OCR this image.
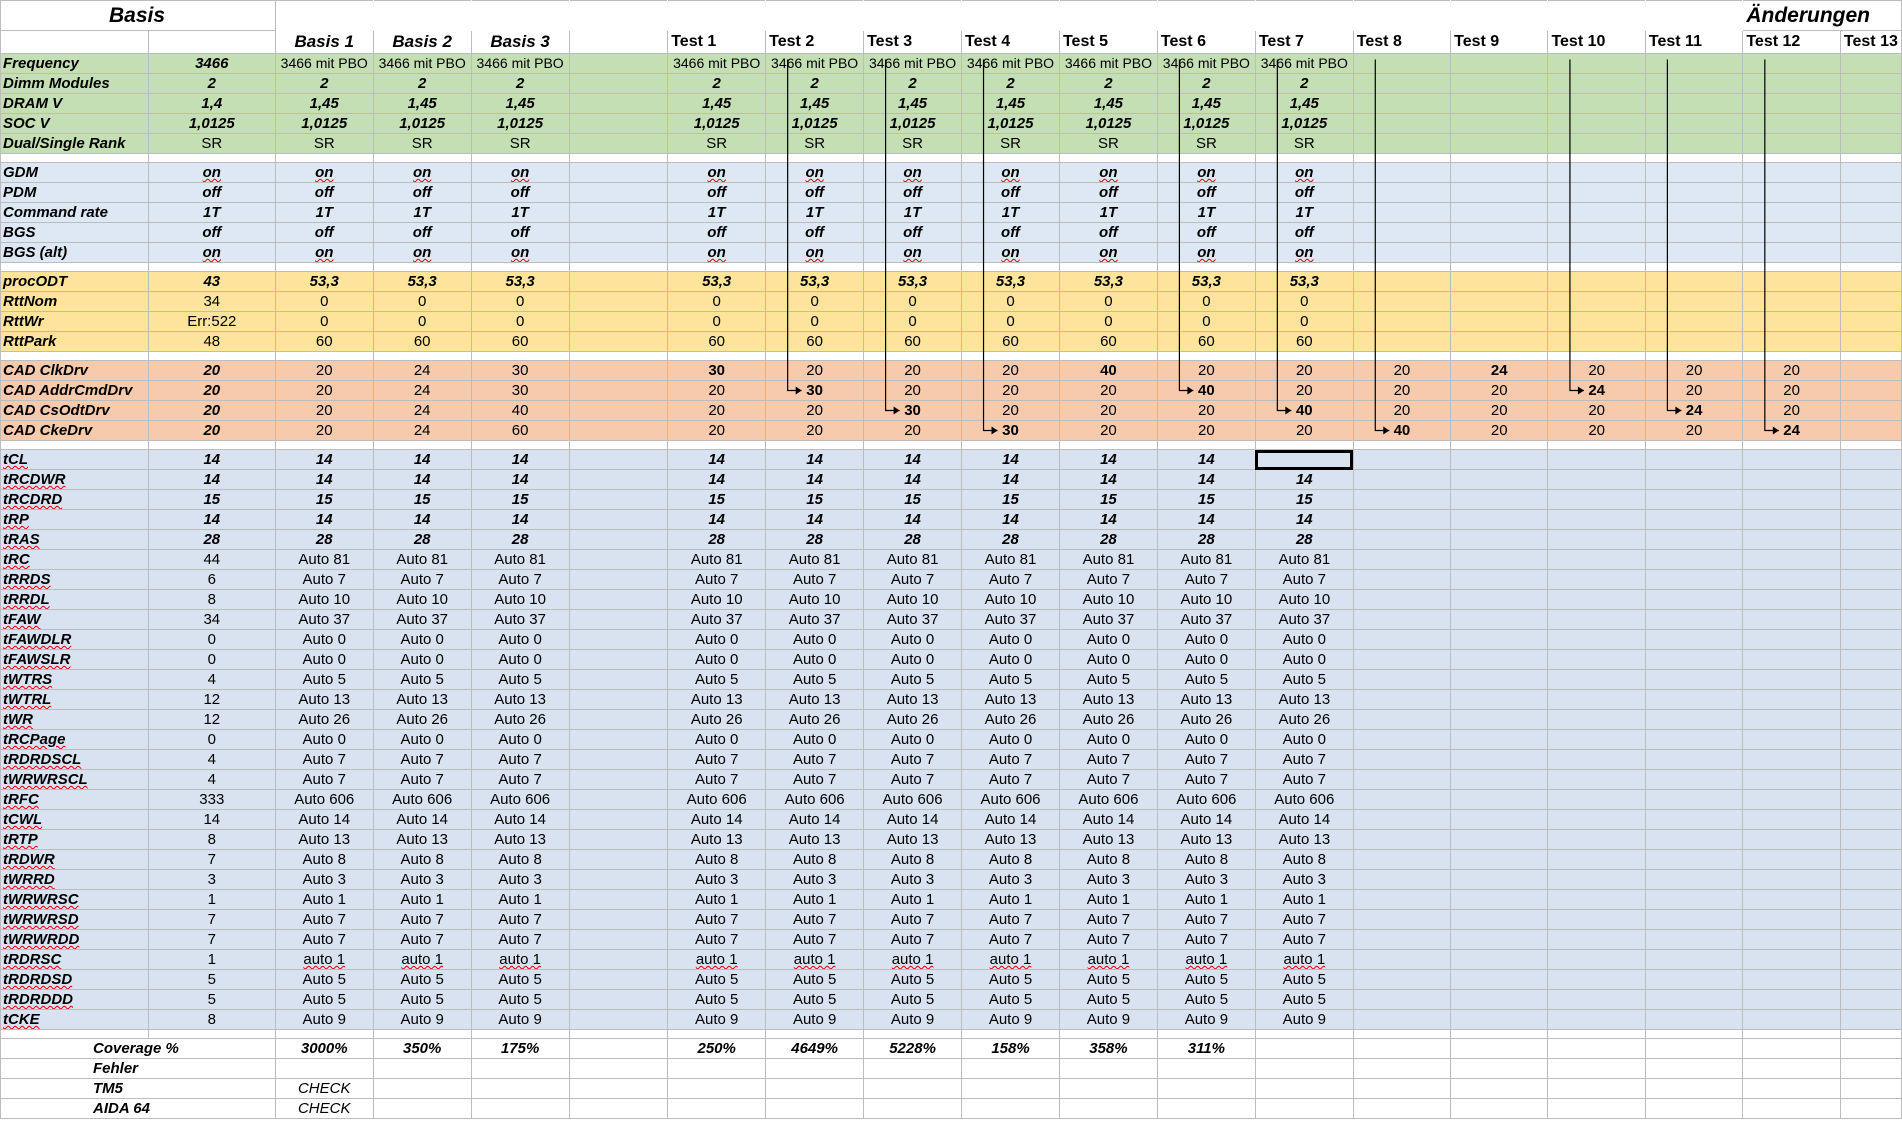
Basis																	Änderungen	
		Basis 1	Basis 2	Basis 3		Test 1	Test 2	Test 3	Test 4	Test 5	Test 6	Test 7	Test 8	Test 9	Test 10	Test 11	Test 12	Test 13
Frequency	3466	3466 mit PBO	3466 mit PBO	3466 mit PBO		3466 mit PBO	3466 mit PBO	3466 mit PBO	3466 mit PBO	3466 mit PBO	3466 mit PBO	3466 mit PBO						
Dimm Modules	2	2	2	2		2	2	2	2	2	2	2						
DRAM V	1,4	1,45	1,45	1,45		1,45	1,45	1,45	1,45	1,45	1,45	1,45						
SOC V	1,0125	1,0125	1,0125	1,0125		1,0125	1,0125	1,0125	1,0125	1,0125	1,0125	1,0125						
Dual/Single Rank	SR	SR	SR	SR		SR	SR	SR	SR	SR	SR	SR						

GDM	on	on	on	on		on	on	on	on	on	on	on						
PDM	off	off	off	off		off	off	off	off	off	off	off						
Command rate	1T	1T	1T	1T		1T	1T	1T	1T	1T	1T	1T						
BGS	off	off	off	off		off	off	off	off	off	off	off						
BGS (alt)	on	on	on	on		on	on	on	on	on	on	on						

procODT	43	53,3	53,3	53,3		53,3	53,3	53,3	53,3	53,3	53,3	53,3						
RttNom	34	0	0	0		0	0	0	0	0	0	0						
RttWr	Err:522	0	0	0		0	0	0	0	0	0	0						
RttPark	48	60	60	60		60	60	60	60	60	60	60						

CAD ClkDrv	20	20	24	30		30	20	20	20	40	20	20	20	24	20	20	20	
CAD AddrCmdDrv	20	20	24	30		20	30	20	20	20	40	20	20	20	24	20	20	
CAD CsOdtDrv	20	20	24	40		20	20	30	20	20	20	40	20	20	20	24	20	
CAD CkeDrv	20	20	24	60		20	20	20	30	20	20	20	40	20	20	20	24	

tCL	14	14	14	14		14	14	14	14	14	14							
tRCDWR	14	14	14	14		14	14	14	14	14	14	14						
tRCDRD	15	15	15	15		15	15	15	15	15	15	15						
tRP	14	14	14	14		14	14	14	14	14	14	14						
tRAS	28	28	28	28		28	28	28	28	28	28	28						
tRC	44	Auto 81	Auto 81	Auto 81		Auto 81	Auto 81	Auto 81	Auto 81	Auto 81	Auto 81	Auto 81						
tRRDS	6	Auto 7	Auto 7	Auto 7		Auto 7	Auto 7	Auto 7	Auto 7	Auto 7	Auto 7	Auto 7						
tRRDL	8	Auto 10	Auto 10	Auto 10		Auto 10	Auto 10	Auto 10	Auto 10	Auto 10	Auto 10	Auto 10						
tFAW	34	Auto 37	Auto 37	Auto 37		Auto 37	Auto 37	Auto 37	Auto 37	Auto 37	Auto 37	Auto 37						
tFAWDLR	0	Auto 0	Auto 0	Auto 0		Auto 0	Auto 0	Auto 0	Auto 0	Auto 0	Auto 0	Auto 0						
tFAWSLR	0	Auto 0	Auto 0	Auto 0		Auto 0	Auto 0	Auto 0	Auto 0	Auto 0	Auto 0	Auto 0						
tWTRS	4	Auto 5	Auto 5	Auto 5		Auto 5	Auto 5	Auto 5	Auto 5	Auto 5	Auto 5	Auto 5						
tWTRL	12	Auto 13	Auto 13	Auto 13		Auto 13	Auto 13	Auto 13	Auto 13	Auto 13	Auto 13	Auto 13						
tWR	12	Auto 26	Auto 26	Auto 26		Auto 26	Auto 26	Auto 26	Auto 26	Auto 26	Auto 26	Auto 26						
tRCPage	0	Auto 0	Auto 0	Auto 0		Auto 0	Auto 0	Auto 0	Auto 0	Auto 0	Auto 0	Auto 0						
tRDRDSCL	4	Auto 7	Auto 7	Auto 7		Auto 7	Auto 7	Auto 7	Auto 7	Auto 7	Auto 7	Auto 7						
tWRWRSCL	4	Auto 7	Auto 7	Auto 7		Auto 7	Auto 7	Auto 7	Auto 7	Auto 7	Auto 7	Auto 7						
tRFC	333	Auto 606	Auto 606	Auto 606		Auto 606	Auto 606	Auto 606	Auto 606	Auto 606	Auto 606	Auto 606						
tCWL	14	Auto 14	Auto 14	Auto 14		Auto 14	Auto 14	Auto 14	Auto 14	Auto 14	Auto 14	Auto 14						
tRTP	8	Auto 13	Auto 13	Auto 13		Auto 13	Auto 13	Auto 13	Auto 13	Auto 13	Auto 13	Auto 13						
tRDWR	7	Auto 8	Auto 8	Auto 8		Auto 8	Auto 8	Auto 8	Auto 8	Auto 8	Auto 8	Auto 8						
tWRRD	3	Auto 3	Auto 3	Auto 3		Auto 3	Auto 3	Auto 3	Auto 3	Auto 3	Auto 3	Auto 3						
tWRWRSC	1	Auto 1	Auto 1	Auto 1		Auto 1	Auto 1	Auto 1	Auto 1	Auto 1	Auto 1	Auto 1						
tWRWRSD	7	Auto 7	Auto 7	Auto 7		Auto 7	Auto 7	Auto 7	Auto 7	Auto 7	Auto 7	Auto 7						
tWRWRDD	7	Auto 7	Auto 7	Auto 7		Auto 7	Auto 7	Auto 7	Auto 7	Auto 7	Auto 7	Auto 7						
tRDRSC	1	auto 1	auto 1	auto 1		auto 1	auto 1	auto 1	auto 1	auto 1	auto 1	auto 1						
tRDRDSD	5	Auto 5	Auto 5	Auto 5		Auto 5	Auto 5	Auto 5	Auto 5	Auto 5	Auto 5	Auto 5						
tRDRDDD	5	Auto 5	Auto 5	Auto 5		Auto 5	Auto 5	Auto 5	Auto 5	Auto 5	Auto 5	Auto 5						
tCKE	8	Auto 9	Auto 9	Auto 9		Auto 9	Auto 9	Auto 9	Auto 9	Auto 9	Auto 9	Auto 9						

Coverage %		3000%	350%	175%		250%	4649%	5228%	158%	358%	311%							
Fehler																		
TM5		CHECK																
AIDA 64		CHECK																
